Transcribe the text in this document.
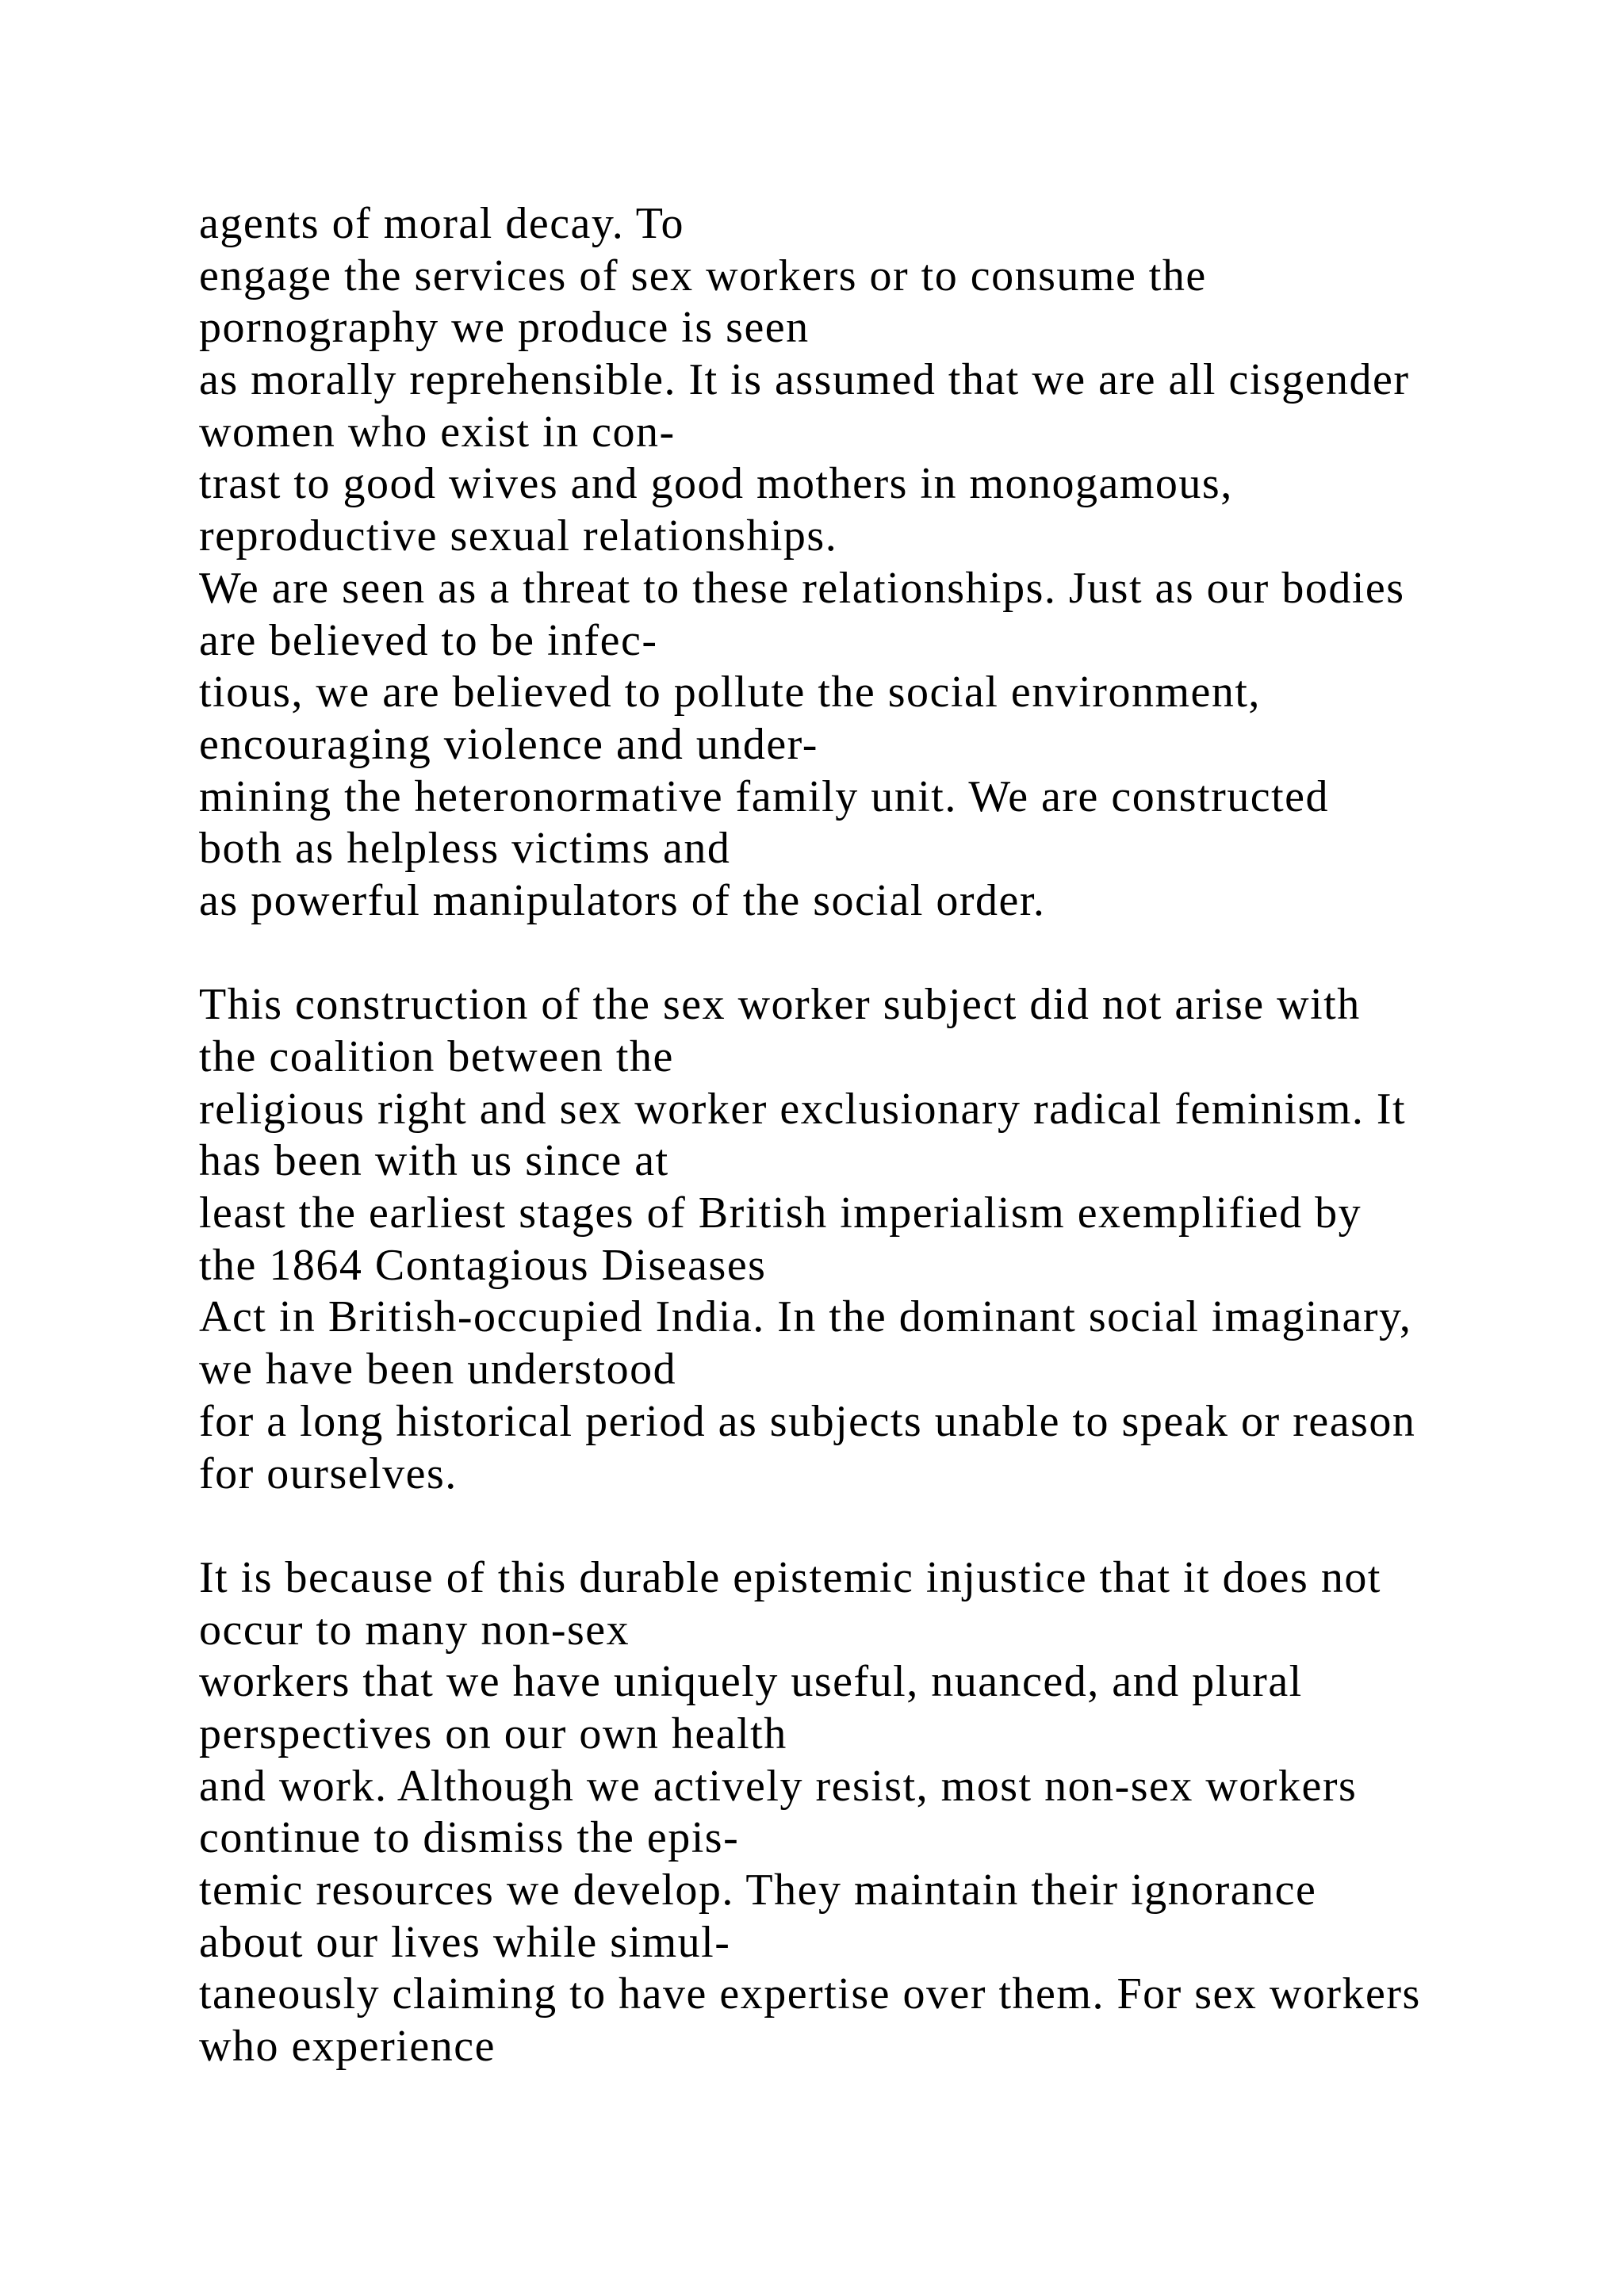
agents of moral decay. To
engage the services of sex workers or to consume the
pornography we produce is seen
as morally reprehensible. It is assumed that we are all cisgender
women who exist in con-
trast to good wives and good mothers in monogamous,
reproductive sexual relationships.
We are seen as a threat to these relationships. Just as our bodies
are believed to be infec-
tious, we are believed to pollute the social environment,
encouraging violence and under-
mining the heteronormative family unit. We are constructed
both as helpless victims and
as powerful manipulators of the social order.
This construction of the sex worker subject did not arise with
the coalition between the
religious right and sex worker exclusionary radical feminism. It
has been with us since at
least the earliest stages of British imperialism exemplified by
the 1864 Contagious Diseases
Act in British-occupied India. In the dominant social imaginary,
we have been understood
for a long historical period as subjects unable to speak or reason
for ourselves.
It is because of this durable epistemic injustice that it does not
occur to many non-sex
workers that we have uniquely useful, nuanced, and plural
perspectives on our own health
and work. Although we actively resist, most non-sex workers
continue to dismiss the epis-
temic resources we develop. They maintain their ignorance
about our lives while simul-
taneously claiming to have expertise over them. For sex workers
who experience
